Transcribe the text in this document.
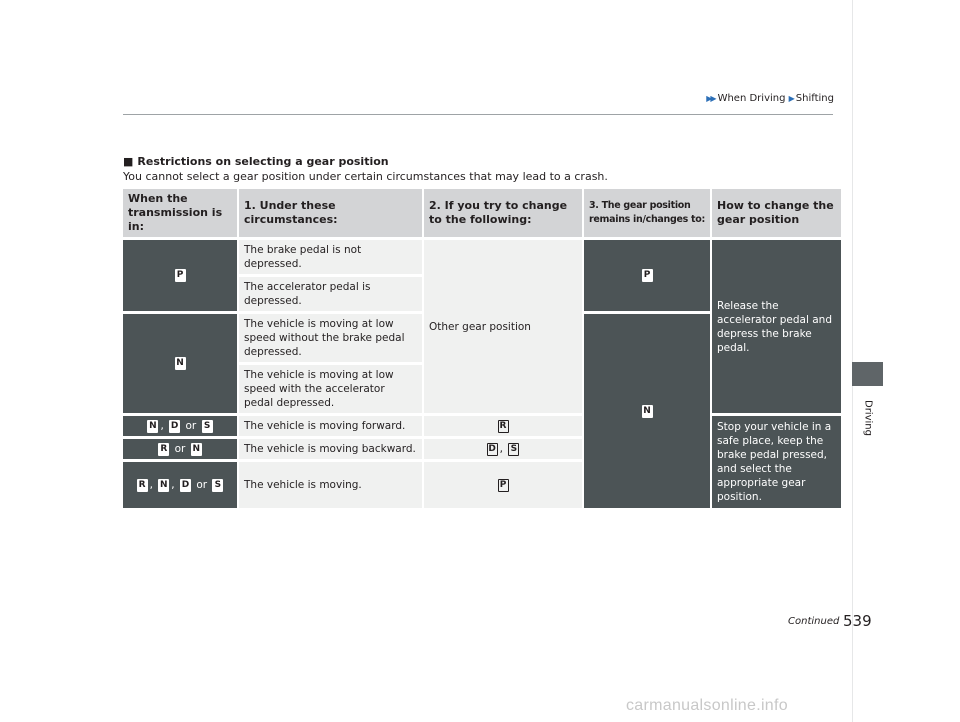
▶▶ When Driving ▶ Shifting
Driving
■ Restrictions on selecting a gear position
You cannot select a gear position under certain circumstances that may lead to a crash.
When the transmission is in:	1. Under these circumstances:	2. If you try to change to the following:	3. The gear position remains in/changes to:	How to change the gear position
P	The brake pedal is not depressed.	Other gear position	P	Release the accelerator pedal and depress the brake pedal.
	The accelerator pedal is depressed.			
N	The vehicle is moving at low speed without the brake pedal depressed.		N	
	The vehicle is moving at low speed with the accelerator pedal depressed.			
N , D or S	The vehicle is moving forward.	R		Stop your vehicle in a safe place, keep the brake pedal pressed, and select the appropriate gear position.
R or N	The vehicle is moving backward.	D , S		
R , N , D or S	The vehicle is moving.	P		
Continued 539
carmanualsonline.info
